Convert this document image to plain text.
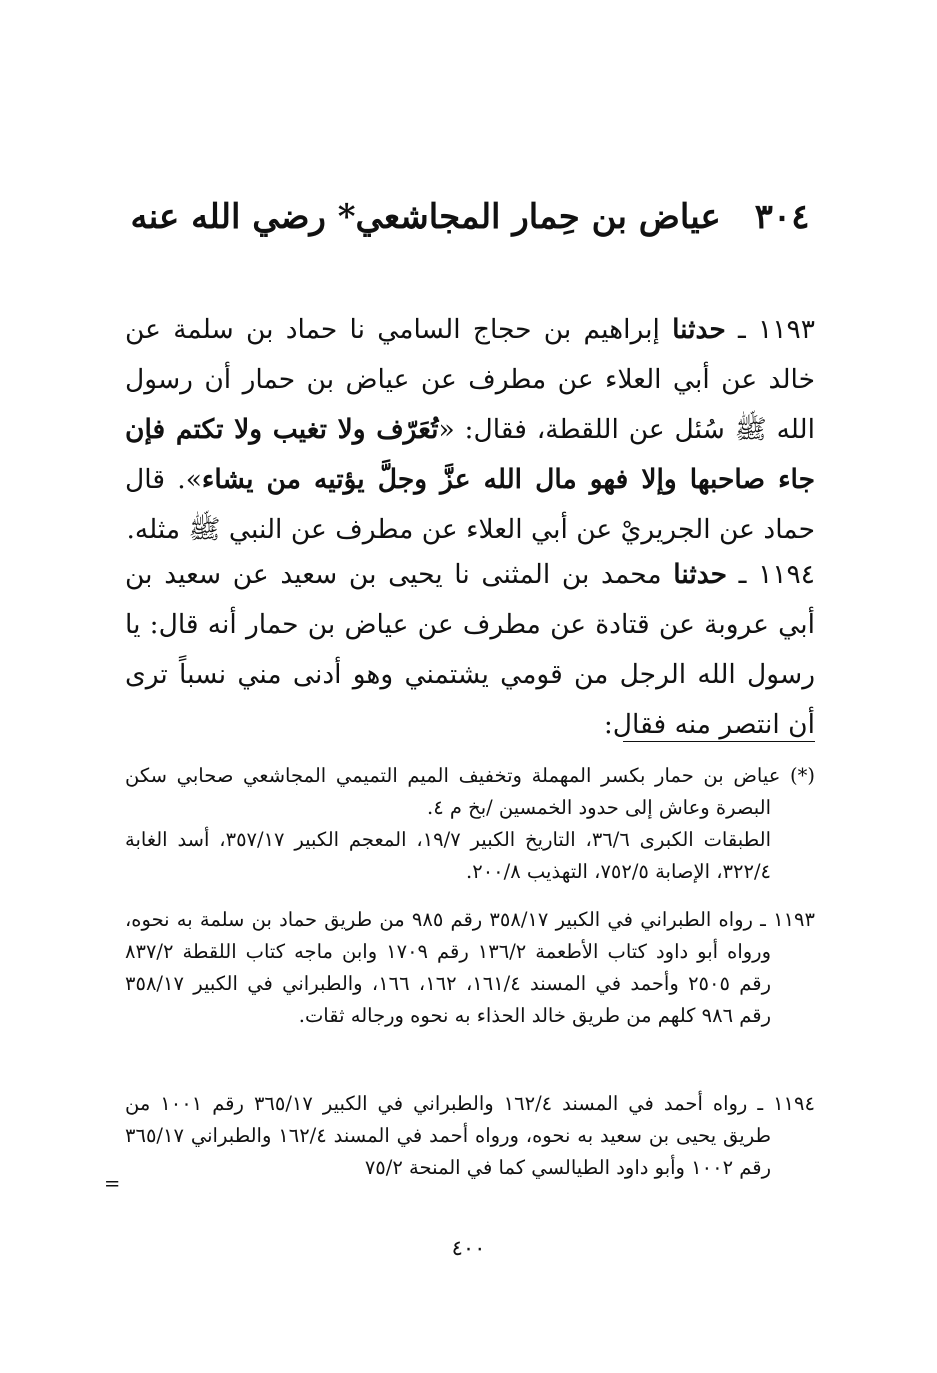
٣٠٤ عياض بن حِمار المجاشعي* رضي الله عنه

١١٩٣ ـ حدثنا إبراهيم بن حجاج السامي نا حماد بن سلمة عن خالد عن أبي العلاء عن مطرف عن عياض بن حمار أن رسول الله ﷺ سُئل عن اللقطة، فقال: «تُعَرّف ولا تغيب ولا تكتم فإن جاء صاحبها وإلا فهو مال الله عزَّ وجلَّ يؤتيه من يشاء». قال حماد عن الجريريْ عن أبي العلاء عن مطرف عن النبي ﷺ مثله.

١١٩٤ ـ حدثنا محمد بن المثنى نا يحيى بن سعيد عن سعيد بن أبي عروبة عن قتادة عن مطرف عن عياض بن حمار أنه قال: يا رسول الله الرجل من قومي يشتمني وهو أدنى مني نسباً ترى أن انتصر منه فقال:

(*) عياض بن حمار بكسر المهملة وتخفيف الميم التميمي المجاشعي صحابي سكن البصرة وعاش إلى حدود الخمسين /بخ م ٤.

الطبقات الكبرى ٣٦/٦، التاريخ الكبير ١٩/٧، المعجم الكبير ٣٥٧/١٧، أسد الغابة ٣٢٢/٤، الإصابة ٧٥٢/٥، التهذيب ٢٠٠/٨.

١١٩٣ ـ رواه الطبراني في الكبير ٣٥٨/١٧ رقم ٩٨٥ من طريق حماد بن سلمة به نحوه، ورواه أبو داود كتاب الأطعمة ١٣٦/٢ رقم ١٧٠٩ وابن ماجه كتاب اللقطة ٨٣٧/٢ رقم ٢٥٠٥ وأحمد في المسند ١٦١/٤، ١٦٢، ١٦٦، والطبراني في الكبير ٣٥٨/١٧ رقم ٩٨٦ كلهم من طريق خالد الحذاء به نحوه ورجاله ثقات.

١١٩٤ ـ رواه أحمد في المسند ١٦٢/٤ والطبراني في الكبير ٣٦٥/١٧ رقم ١٠٠١ من طريق يحيى بن سعيد به نحوه، ورواه أحمد في المسند ١٦٢/٤ والطبراني ٣٦٥/١٧ رقم ١٠٠٢ وأبو داود الطيالسي كما في المنحة ٧٥/٢

=
٤٠٠
